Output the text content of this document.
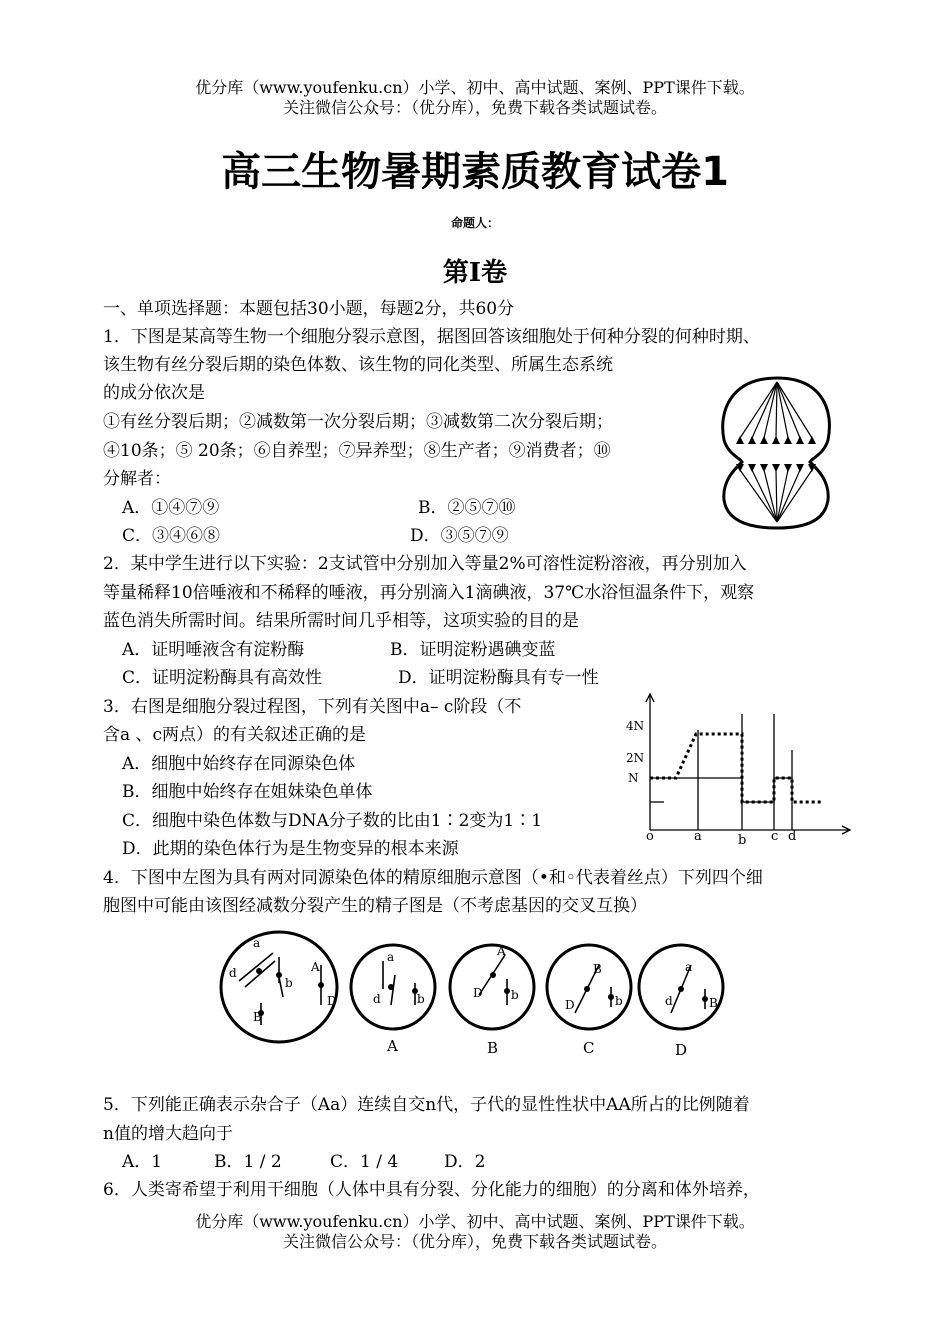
优分库（www.youfenku.cn）小学、初中、高中试题、案例、PPT课件下载。
关注微信公众号：（优分库），免费下载各类试题试卷。
高三生物暑期素质教育试卷1
命题人：
第Ⅰ卷
一、单项选择题：本题包括30小题，每题2分，共60分
1．下图是某高等生物一个细胞分裂示意图，据图回答该细胞处于何种分裂的何种时期、
该生物有丝分裂后期的染色体数、该生物的同化类型、所属生态系统
的成分依次是
①有丝分裂后期；②减数第一次分裂后期；③减数第二次分裂后期；
④10条；⑤ 20条；⑥自养型；⑦异养型；⑧生产者；⑨消费者；⑩
分解者：
A．①④⑦⑨	B．②⑤⑦⑩
C．③④⑥⑧	D．③⑤⑦⑨
2．某中学生进行以下实验：2支试管中分别加入等量2%可溶性淀粉溶液，再分别加入
等量稀释10倍唾液和不稀释的唾液，再分别滴入1滴碘液，37℃水浴恒温条件下，观察
蓝色消失所需时间。结果所需时间几乎相等，这项实验的目的是
A．证明唾液含有淀粉酶	B．证明淀粉遇碘变蓝
C．证明淀粉酶具有高效性	D．证明淀粉酶具有专一性
3．右图是细胞分裂过程图，下列有关图中a– c阶段（不
含a 、c两点）的有关叙述正确的是
A．细胞中始终存在同源染色体
B．细胞中始终存在姐妹染色单体
C．细胞中染色体数与DNA分子数的比由1∶2变为1∶1
D．此期的染色体行为是生物变异的根本来源
4N
2N
N
o	a	b c d
4．下图中左图为具有两对同源染色体的精原细胞示意图（•和◦代表着丝点）下列四个细
胞图中可能由该图经减数分裂产生的精子图是（不考虑基因的交叉互换）
a
d
b
A
D
B
a
d	b
A
D b
B
D	b
a
d	B
A	B	C	D
5．下列能正确表示杂合子（Aa）连续自交n代，子代的显性性状中AA所占的比例随着
n值的增大趋向于
A．1	B．1 / 2	C．1 / 4	D．2
6．人类寄希望于利用干细胞（人体中具有分裂、分化能力的细胞）的分离和体外培养，
优分库（www.youfenku.cn）小学、初中、高中试题、案例、PPT课件下载。
关注微信公众号：（优分库），免费下载各类试题试卷。
